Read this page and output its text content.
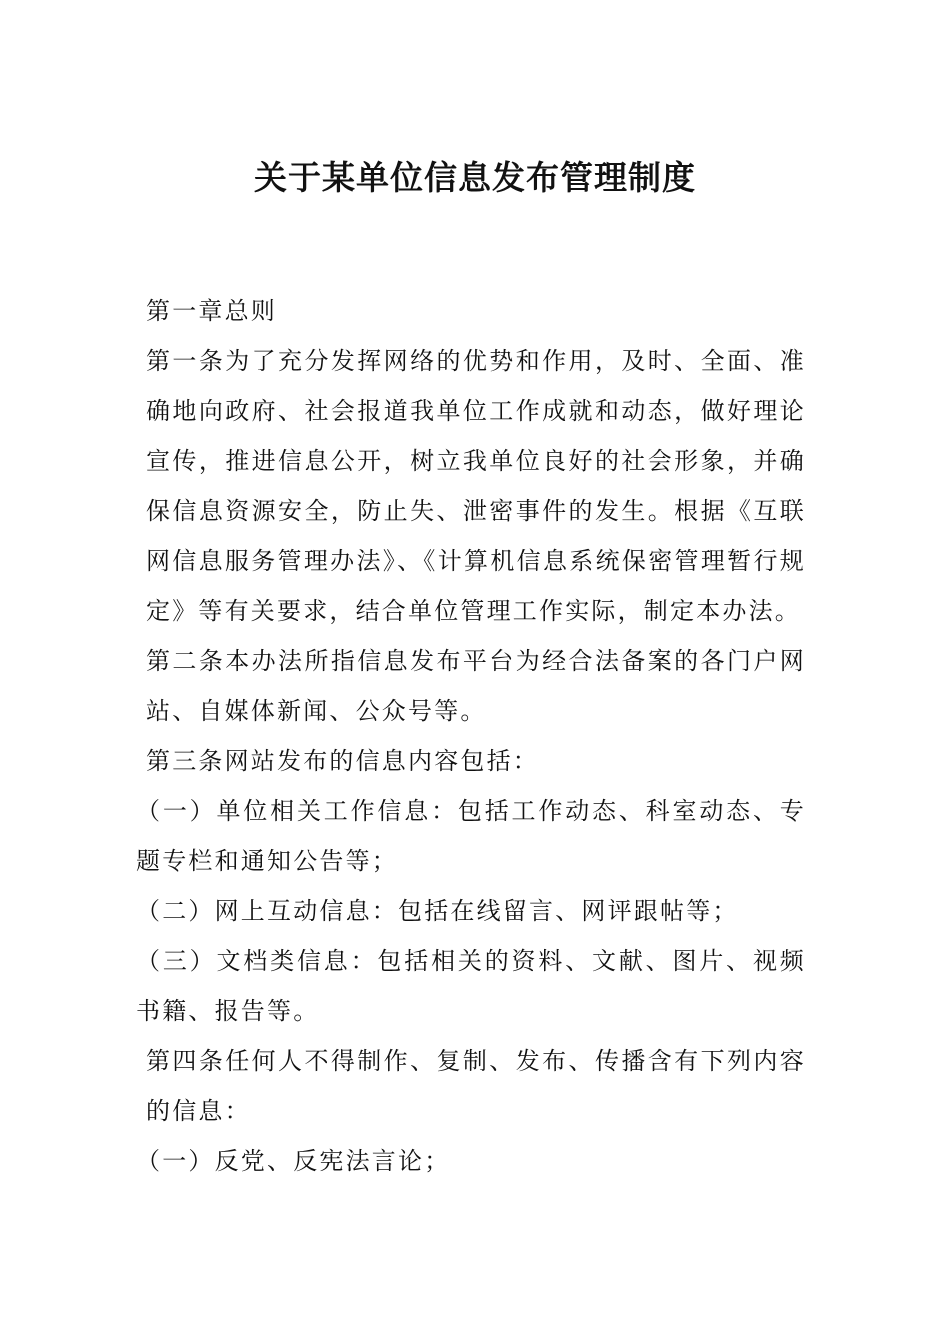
关于某单位信息发布管理制度

第一章总则

第一条为了充分发挥网络的优势和作用，及时、全面、准确地向政府、社会报道我单位工作成就和动态，做好理论宣传，推进信息公开，树立我单位良好的社会形象，并确保信息资源安全，防止失、泄密事件的发生。根据《互联网信息服务管理办法》、《计算机信息系统保密管理暂行规定》等有关要求，结合单位管理工作实际，制定本办法。

第二条本办法所指信息发布平台为经合法备案的各门户网站、自媒体新闻、公众号等。

第三条网站发布的信息内容包括：

（一）单位相关工作信息：包括工作动态、科室动态、专题专栏和通知公告等；

（二）网上互动信息：包括在线留言、网评跟帖等；

（三）文档类信息：包括相关的资料、文献、图片、视频书籍、报告等。

第四条任何人不得制作、复制、发布、传播含有下列内容的信息：

（一）反党、反宪法言论；
